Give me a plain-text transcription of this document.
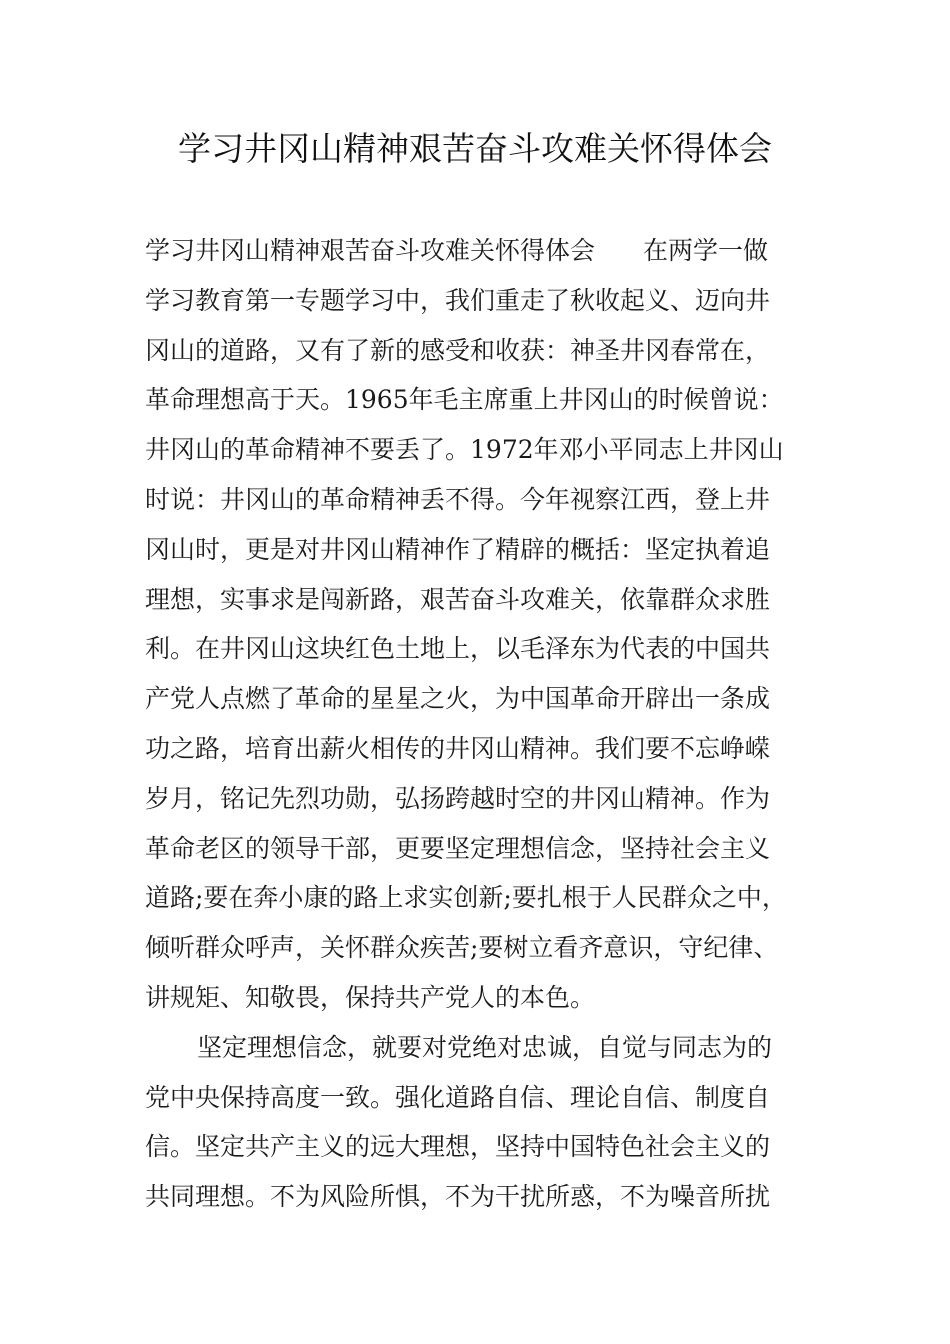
学习井冈山精神艰苦奋斗攻难关怀得体会
学习井冈山精神艰苦奋斗攻难关怀得体会 在两学一做
学习教育第一专题学习中，我们重走了秋收起义、迈向井
冈山的道路，又有了新的感受和收获：神圣井冈春常在，
革命理想高于天。1965年毛主席重上井冈山的时候曾说：
井冈山的革命精神不要丢了。1972年邓小平同志上井冈山
时说：井冈山的革命精神丢不得。今年视察江西，登上井
冈山时，更是对井冈山精神作了精辟的概括：坚定执着追
理想，实事求是闯新路，艰苦奋斗攻难关，依靠群众求胜
利。在井冈山这块红色土地上，以毛泽东为代表的中国共
产党人点燃了革命的星星之火，为中国革命开辟出一条成
功之路，培育出薪火相传的井冈山精神。我们要不忘峥嵘
岁月，铭记先烈功勋，弘扬跨越时空的井冈山精神。作为
革命老区的领导干部，更要坚定理想信念，坚持社会主义
道路;要在奔小康的路上求实创新;要扎根于人民群众之中，
倾听群众呼声，关怀群众疾苦;要树立看齐意识，守纪律、
讲规矩、知敬畏，保持共产党人的本色。
坚定理想信念，就要对党绝对忠诚，自觉与同志为的
党中央保持高度一致。强化道路自信、理论自信、制度自
信。坚定共产主义的远大理想，坚持中国特色社会主义的
共同理想。不为风险所惧，不为干扰所惑，不为噪音所扰
